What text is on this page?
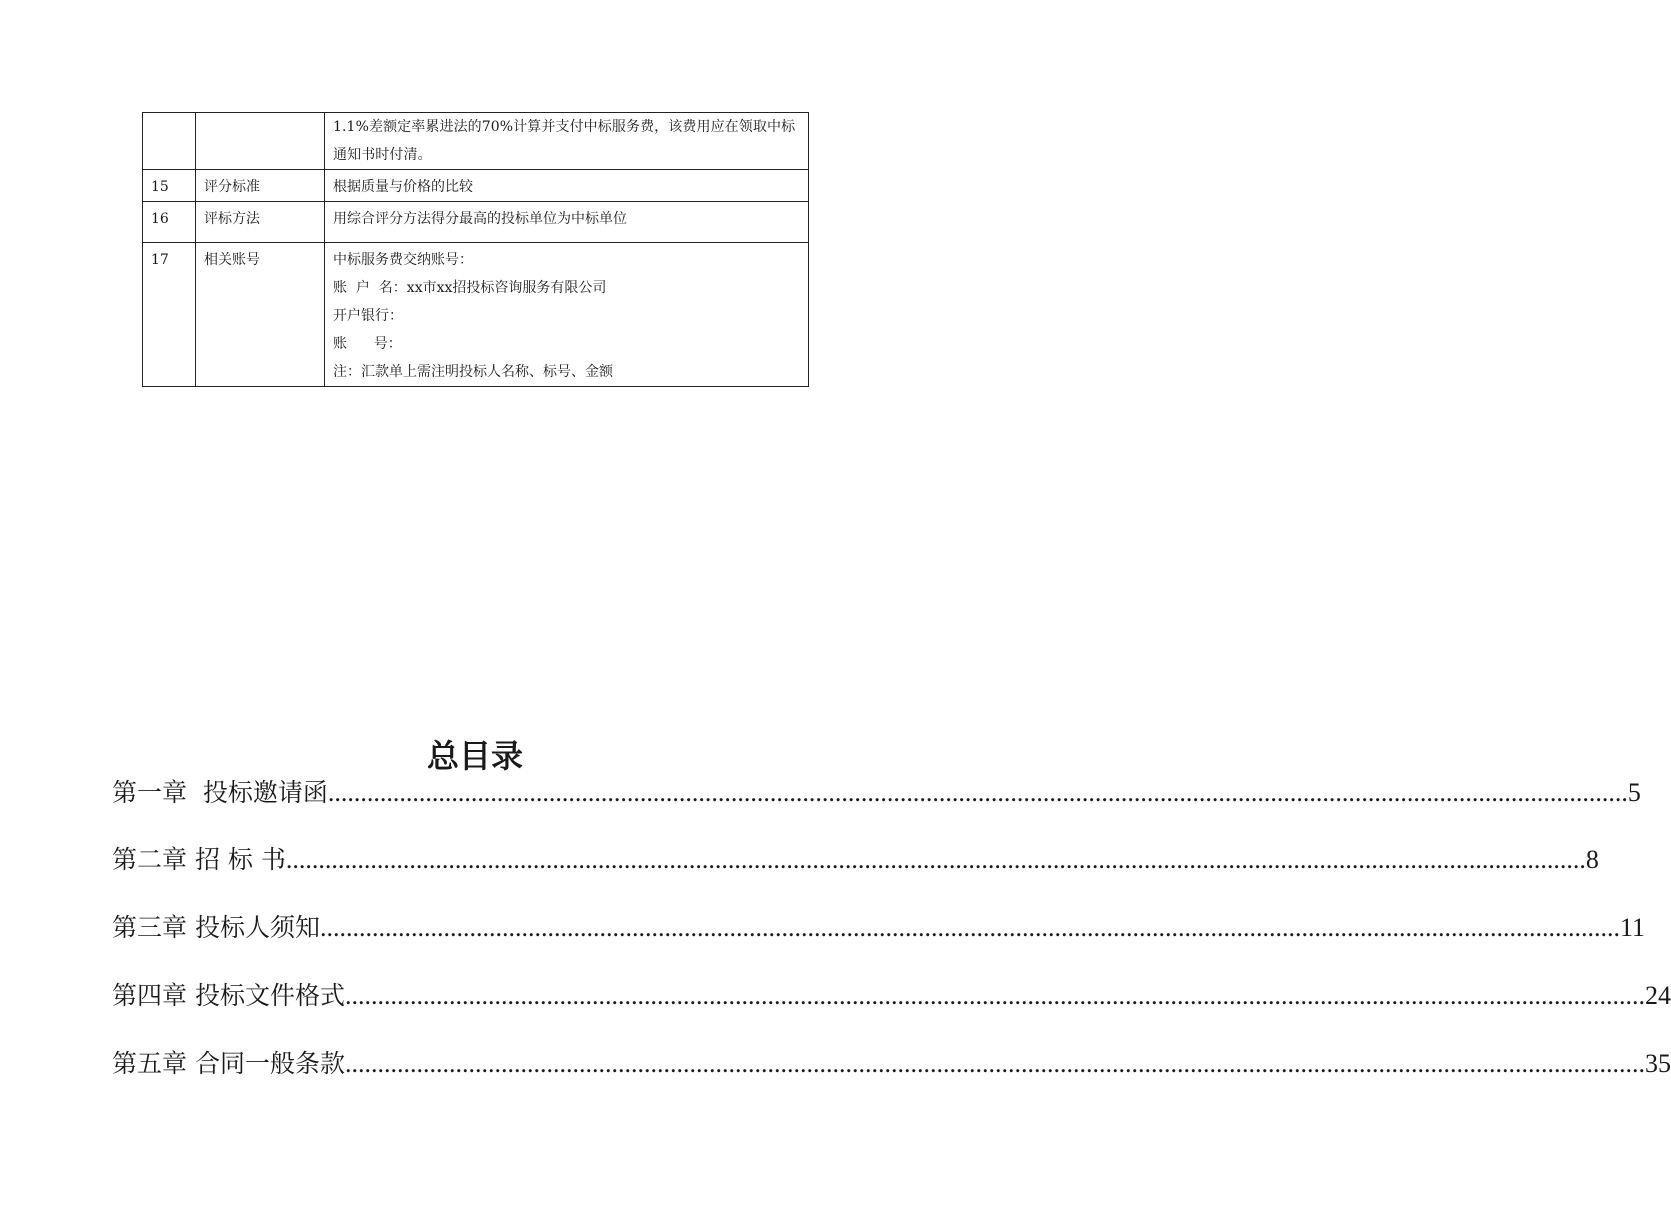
		1.1%差额定率累进法的70%计算并支付中标服务费，该费用应在领取中标通知书时付清。

15	评分标准	根据质量与价格的比较

16	评标方法	用综合评分方法得分最高的投标单位为中标单位

17	相关账号	中标服务费交纳账号：
账  户  名：xx市xx招投标咨询服务有限公司
开户银行：
账      号：
注：汇款单上需注明投标人名称、标号、金额
总目录
第一章  投标邀请函 ........................................................................................................................................................................................................ 5
第二章 招 标 书 ........................................................................................................................................................................................................ 8
第三章 投标人须知 ........................................................................................................................................................................................................ 11
第四章 投标文件格式 ........................................................................................................................................................................................................ 24
第五章 合同一般条款 ........................................................................................................................................................................................................ 35
